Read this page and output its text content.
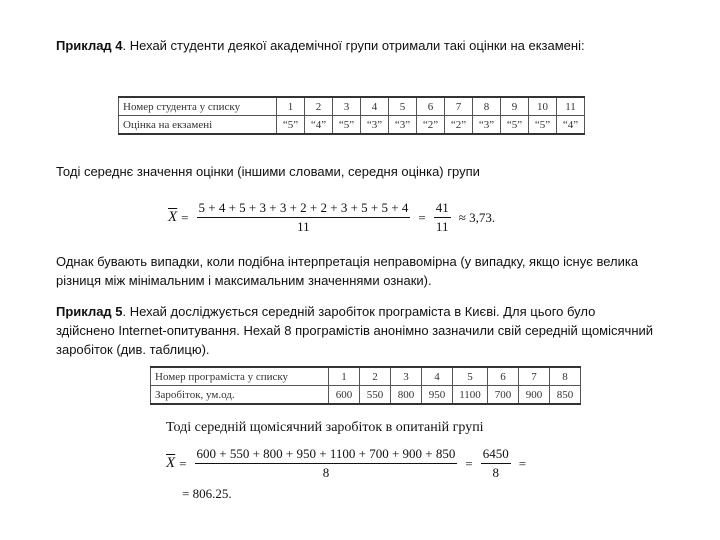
Приклад 4. Нехай студенти деякої академічної групи отримали такі оцінки на екзамені:

Номер студента у списку	1	2	3	4	5	6	7	8	9	10	11
Оцінка на екзамені	“5”	“4”	“5”	“3”	“3”	“2”	“2”	“3”	“5”	“5”	“4”

Тоді середнє значення оцінки (іншими словами, середня оцінка) групи

$\overline{X} = \frac{5 + 4 + 5 + 3 + 3 + 2 + 2 + 3 + 5 + 5 + 4}{11} = \frac{41}{11} \approx 3,73$.

Однак бувають випадки, коли подібна інтерпретація неправомірна (у випадку, якщо існує велика різниця між мінімальним і максимальним значеннями ознаки).

Приклад 5. Нехай досліджується середній заробіток програміста в Києві. Для цього було здійснено Internet-опитування. Нехай 8 програмістів анонімно зазначили свій середній щомісячний заробіток (див. таблицю).

Номер програміста у списку	1	2	3	4	5	6	7	8
Заробіток, ум.од.	600	550	800	950	1100	700	900	850

Тоді середній щомісячний заробіток в опитаній групі

$\overline{X} = \frac{600 + 550 + 800 + 950 + 1100 + 700 + 900 + 850}{8} = \frac{6450}{8}$ =
= 806.25.
